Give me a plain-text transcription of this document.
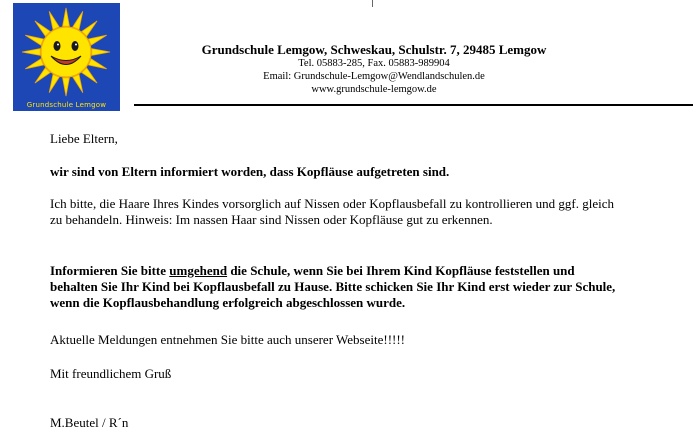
Grundschule Lemgow
Grundschule Lemgow, Schweskau, Schulstr. 7, 29485 Lemgow
Tel. 05883-285, Fax. 05883-989904
Email: Grundschule-Lemgow@Wendlandschulen.de
www.grundschule-lemgow.de
Liebe Eltern,
wir sind von Eltern informiert worden, dass Kopfläuse aufgetreten sind.
Ich bitte, die Haare Ihres Kindes vorsorglich auf Nissen oder Kopflausbefall zu kontrollieren und ggf. gleich zu behandeln. Hinweis: Im nassen Haar sind Nissen oder Kopfläuse gut zu erkennen.
Informieren Sie bitte umgehend die Schule, wenn Sie bei Ihrem Kind Kopfläuse feststellen und behalten Sie Ihr Kind bei Kopflausbefall zu Hause. Bitte schicken Sie Ihr Kind erst wieder zur Schule, wenn die Kopflausbehandlung erfolgreich abgeschlossen wurde.
Aktuelle Meldungen entnehmen Sie bitte auch unserer Webseite!!!!!
Mit freundlichem Gruß
M.Beutel / R´n
